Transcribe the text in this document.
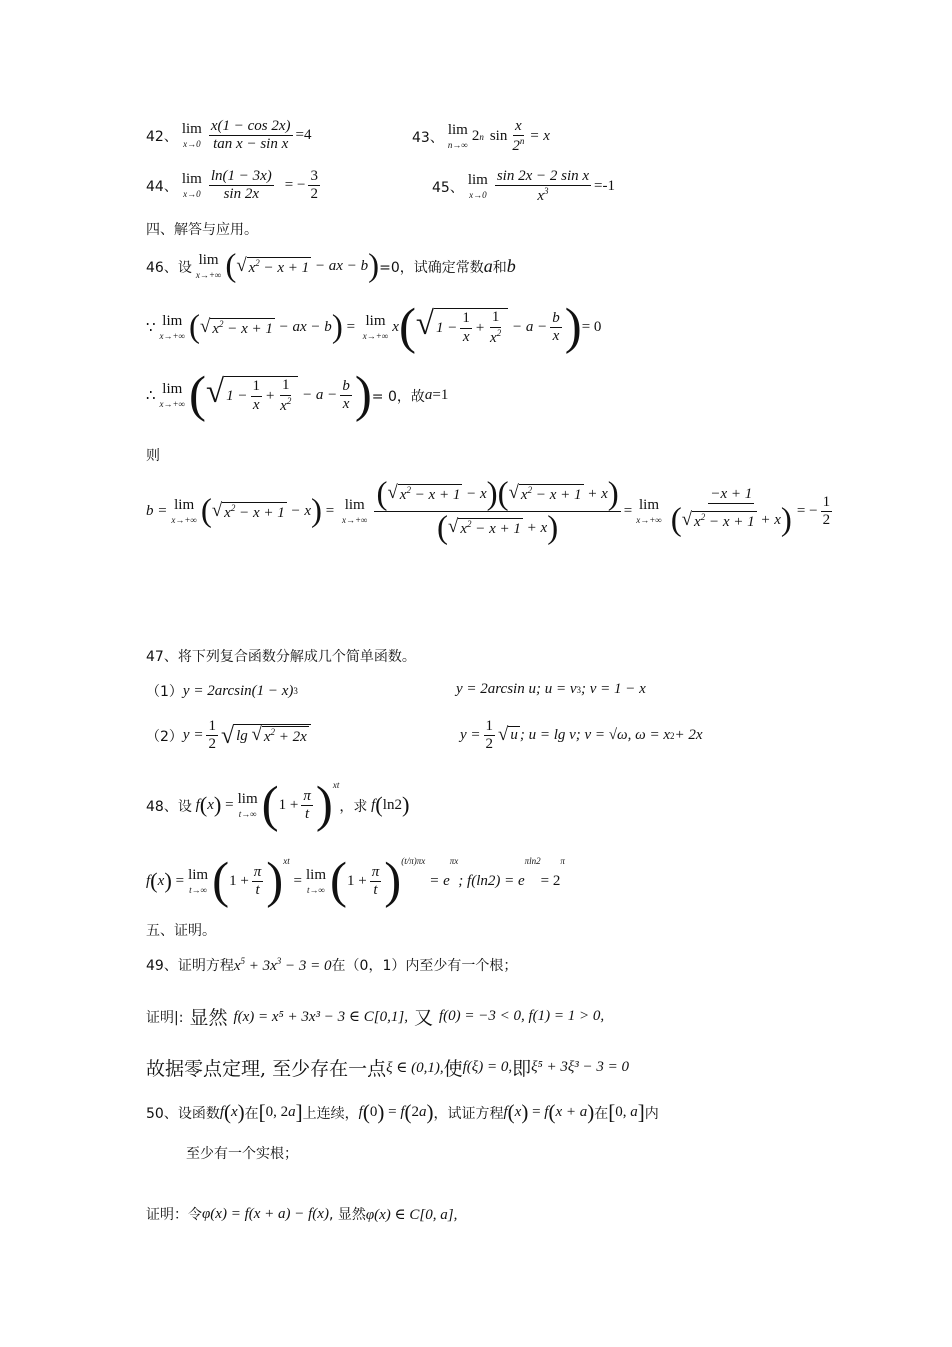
42、 lim
$x\to 0 \frac{x(1 - \cos 2x)}{\text{tan x − sin x}} =4$	43、 lim
n→∞
2 n $\sin \frac{x}{2^n} = x$
44、 lim
$x\to 0 \frac{\ln(1 - 3x)}{\sin 2x}$ = − $\frac{3}{2}$	45、 lim
$x\to 0 \frac{\text{sin 2x − 2 sin x}}{x^3} =-1$
四、解答与应用。
46、设 lim
x→+∞ ( √ $x^2 - x + 1$ − ax − b ) =0，试确定常数 a 和 b
∵ lim
x→+∞ ( √ $x^2 - x + 1$ − ax − b ) = lim
x→+∞
x ( √ $1 - \frac{1}{x} + \frac{1}{x^2} - a - \frac{b}{x}$ ) = 0
∴ lim
x→+∞ ( √ $1 - \frac{1}{x} + \frac{1}{x^2} - a - \frac{b}{x}$ ) = 0，故 a =1
则
b = lim
x→+∞ ( √ $x^2 - x + 1 - x$ ) = lim
$x\to+\infty \frac{( √ x^2 - x + 1 - x ) ( √ x^2 - x + 1 + x )}{( √ x^2 - x + 1 + x )} = \lim$
$x\to+\infty \frac{-x + 1}{( √ x^2 - x + 1 + x )}$ = − $\frac{1}{2}$
47、将下列复合函数分解成几个简单函数。
（1） y = 2arcsin(1 − x) 3	y = 2arcsin u; u = v 3 ; v = 1 − x
（2） $y = \frac{1}{2}$ √ lg √ $x^2 + 2x$	$y = \frac{1}{2}$ √ u ; u = lg v; v = √ω, ω = x 2 + 2x
48、设 f ( x ) = lim
t→∞ ( $1 + \frac{\pi}{t} )^{xt}$
，求 f ( ln2 )
f ( x ) = lim
t→∞ ( $1 + \frac{\pi}{t} )^{xt}$
= lim
t→∞ ( $1 + \frac{\pi}{t} )^{(t/\pi)\pi x}$
= e
πx
; f(ln2) = e
πln2
= 2
π
五、证明。
49、证明方程 $x^5 + 3x^3 - 3 = 0$ 在（0，1）内至少有一个根；
证明|: 显然 f(x) = x⁵ + 3x³ − 3 ∈ C[0,1], 又 f(0) = −3 < 0, f(1) = 1 > 0,
故据零点定理, 至少存在一点 ξ ∈ (0,1), 使 f(ξ) = 0, 即 ξ⁵ + 3ξ³ − 3 = 0
50、设函数 f ( x ) 在 [ 0, 2a ] 上连续， f ( 0 ) = f ( 2a ) ，试证方程 f ( x ) = f ( x + a ) 在 [ 0, a ] 内
至少有一个实根；
证明：令 φ(x) = f(x + a) − f(x) , 显然 φ(x) ∈ C[0, a],
